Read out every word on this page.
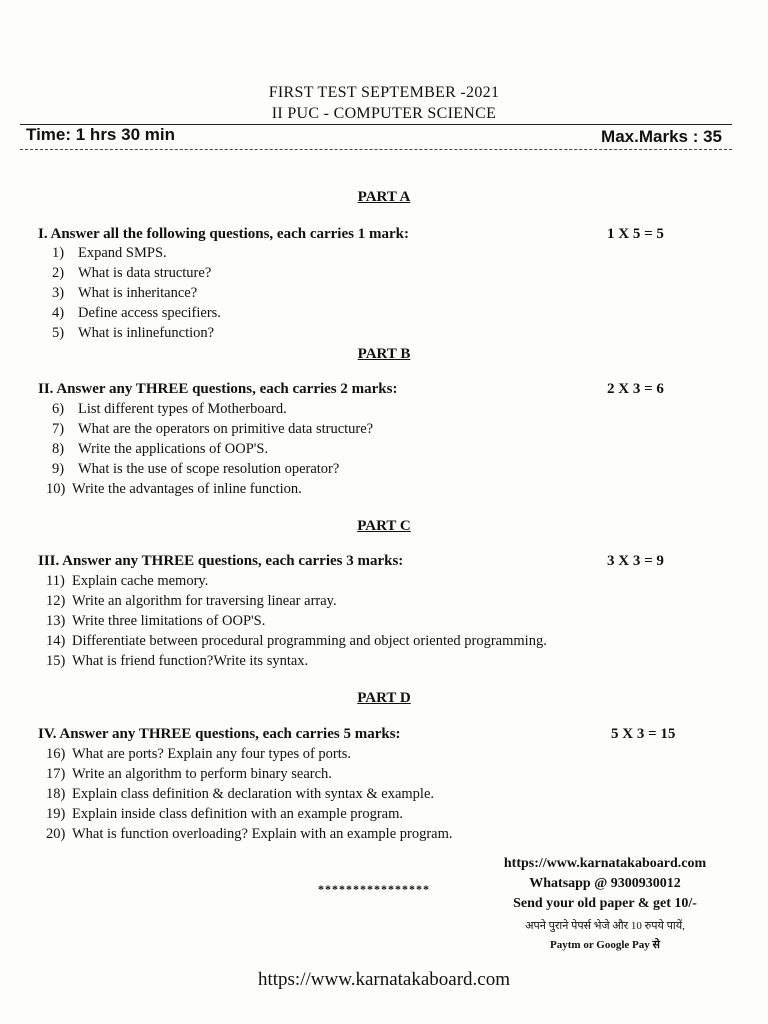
FIRST TEST SEPTEMBER -2021
II PUC - COMPUTER SCIENCE
Time: 1 hrs 30 min	Max.Marks : 35
PART A
I. Answer all the following questions, each carries 1 mark:	1 X 5 = 5
1) Expand SMPS.
2) What is data structure?
3) What is inheritance?
4) Define access specifiers.
5) What is inlinefunction?
PART B
II. Answer any THREE questions, each carries 2 marks:	2 X 3 = 6
6) List different types of Motherboard.
7) What are the operators on primitive data structure?
8) Write the applications of OOP'S.
9) What is the use of scope resolution operator?
10) Write the advantages of inline function.
PART C
III. Answer any THREE questions, each carries 3 marks:	3 X 3 = 9
11) Explain cache memory.
12) Write an algorithm for traversing linear array.
13) Write three limitations of OOP'S.
14) Differentiate between procedural programming and object oriented programming.
15) What is friend function?Write its syntax.
PART D
IV. Answer any THREE questions, each carries 5 marks:	5 X 3 = 15
16) What are ports? Explain any four types of ports.
17) Write an algorithm to perform binary search.
18) Explain class definition & declaration with syntax & example.
19) Explain inside class definition with an example program.
20) What is function overloading? Explain with an example program.
****************
https://www.karnatakaboard.com
Whatsapp @ 9300930012
Send your old paper & get 10/-
अपने पुराने पेपर्स भेजे और 10 रुपये पायें,
Paytm or Google Pay से
https://www.karnatakaboard.com
